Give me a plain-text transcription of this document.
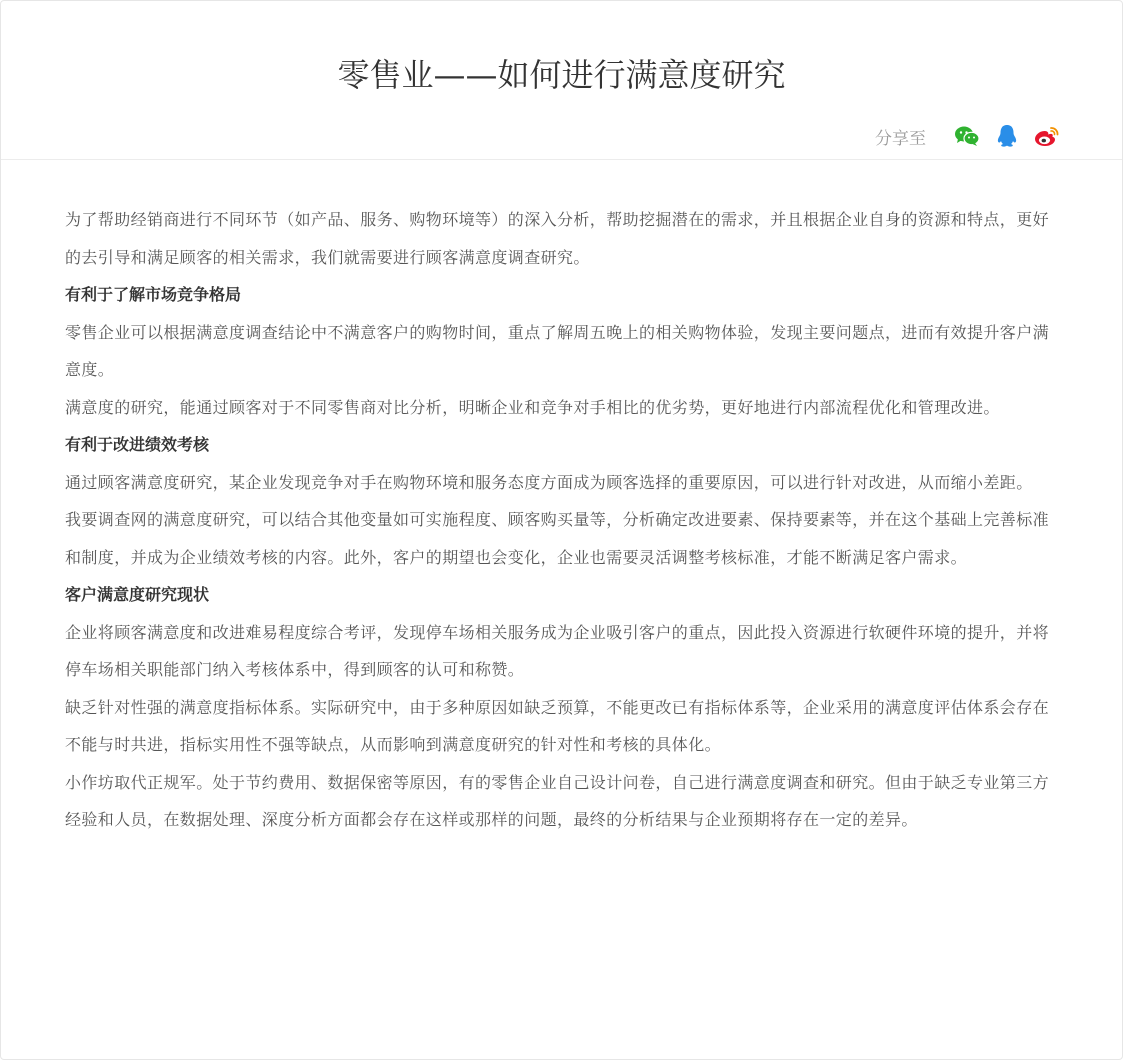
零售业——如何进行满意度研究
分享至

为了帮助经销商进行不同环节（如产品、服务、购物环境等）的深入分析，帮助挖掘潜在的需求，并且根据企业自身的资源和特点，更好的去引导和满足顾客的相关需求，我们就需要进行顾客满意度调查研究。

有利于了解市场竞争格局

零售企业可以根据满意度调查结论中不满意客户的购物时间，重点了解周五晚上的相关购物体验，发现主要问题点，进而有效提升客户满意度。

满意度的研究，能通过顾客对于不同零售商对比分析，明晰企业和竞争对手相比的优劣势，更好地进行内部流程优化和管理改进。

有利于改进绩效考核

通过顾客满意度研究，某企业发现竞争对手在购物环境和服务态度方面成为顾客选择的重要原因，可以进行针对改进，从而缩小差距。

我要调查网的满意度研究，可以结合其他变量如可实施程度、顾客购买量等，分析确定改进要素、保持要素等，并在这个基础上完善标准和制度，并成为企业绩效考核的内容。此外，客户的期望也会变化，企业也需要灵活调整考核标准，才能不断满足客户需求。

客户满意度研究现状

企业将顾客满意度和改进难易程度综合考评，发现停车场相关服务成为企业吸引客户的重点，因此投入资源进行软硬件环境的提升，并将停车场相关职能部门纳入考核体系中，得到顾客的认可和称赞。

缺乏针对性强的满意度指标体系。实际研究中，由于多种原因如缺乏预算，不能更改已有指标体系等，企业采用的满意度评估体系会存在不能与时共进，指标实用性不强等缺点，从而影响到满意度研究的针对性和考核的具体化。

小作坊取代正规军。处于节约费用、数据保密等原因，有的零售企业自己设计问卷，自己进行满意度调查和研究。但由于缺乏专业第三方经验和人员，在数据处理、深度分析方面都会存在这样或那样的问题，最终的分析结果与企业预期将存在一定的差异。
